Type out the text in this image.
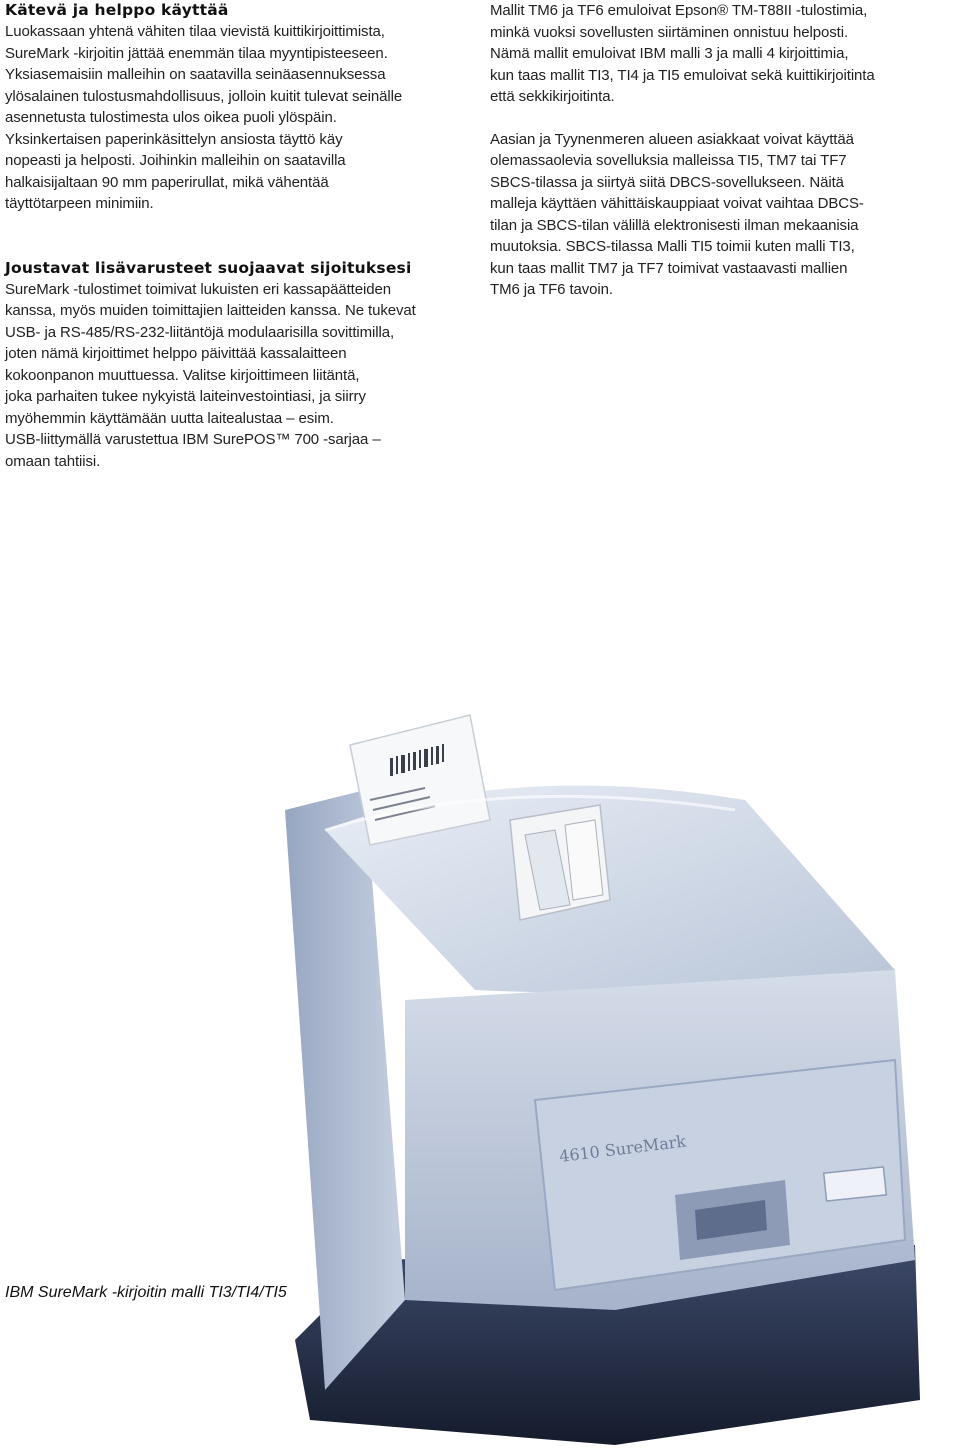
Kätevä ja helppo käyttää

Luokassaan yhtenä vähiten tilaa vievistä kuittikirjoittimista,

SureMark -kirjoitin jättää enemmän tilaa myyntipisteeseen.

Yksiasemaisiin malleihin on saatavilla seinäasennuksessa

ylösalainen tulostusmahdollisuus, jolloin kuitit tulevat seinälle

asennetusta tulostimesta ulos oikea puoli ylöspäin.

Yksinkertaisen paperinkäsittelyn ansiosta täyttö käy

nopeasti ja helposti. Joihinkin malleihin on saatavilla

halkaisijaltaan 90 mm paperirullat, mikä vähentää

täyttötarpeen minimiin.

Joustavat lisävarusteet suojaavat sijoituksesi

SureMark -tulostimet toimivat lukuisten eri kassapäätteiden

kanssa, myös muiden toimittajien laitteiden kanssa. Ne tukevat

USB- ja RS-485/RS-232-liitäntöjä modulaarisilla sovittimilla,

joten nämä kirjoittimet helppo päivittää kassalaitteen

kokoonpanon muuttuessa. Valitse kirjoittimeen liitäntä,

joka parhaiten tukee nykyistä laiteinvestointiasi, ja siirry

myöhemmin käyttämään uutta laitealustaa – esim.

USB-liittymällä varustettua IBM SurePOS™ 700 -sarjaa –

omaan tahtiisi.

Mallit TM6 ja TF6 emuloivat Epson® TM-T88II -tulostimia,

minkä vuoksi sovellusten siirtäminen onnistuu helposti.

Nämä mallit emuloivat IBM malli 3 ja malli 4 kirjoittimia,

kun taas mallit TI3, TI4 ja TI5 emuloivat sekä kuittikirjoitinta

että sekkikirjoitinta.

Aasian ja Tyynenmeren alueen asiakkaat voivat käyttää

olemassaolevia sovelluksia malleissa TI5, TM7 tai TF7

SBCS-tilassa ja siirtyä siitä DBCS-sovellukseen. Näitä

malleja käyttäen vähittäiskauppiaat voivat vaihtaa DBCS-

tilan ja SBCS-tilan välillä elektronisesti ilman mekaanisia

muutoksia. SBCS-tilassa Malli TI5 toimii kuten malli TI3,

kun taas mallit TM7 ja TF7 toimivat vastaavasti mallien

TM6 ja TF6 tavoin.

4610 SureMark
IBM SureMark -kirjoitin malli TI3/TI4/TI5
